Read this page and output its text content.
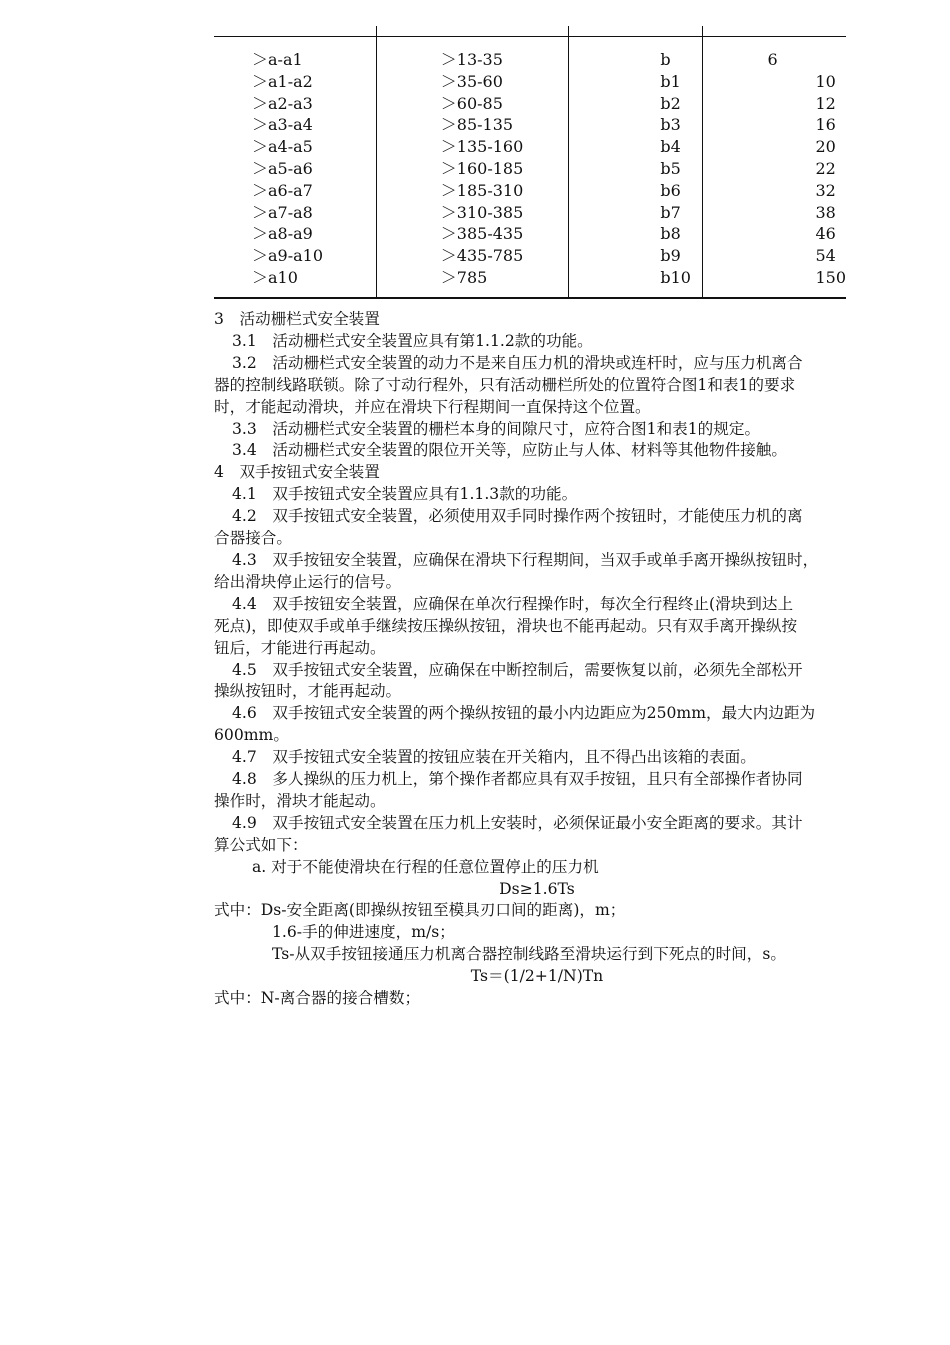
＞a-a1	＞13-35	b	6
＞a1-a2	＞35-60	b1	10
＞a2-a3	＞60-85	b2	12
＞a3-a4	＞85-135	b3	16
＞a4-a5	＞135-160	b4	20
＞a5-a6	＞160-185	b5	22
＞a6-a7	＞185-310	b6	32
＞a7-a8	＞310-385	b7	38
＞a8-a9	＞385-435	b8	46
＞a9-a10	＞435-785	b9	54
＞a10	＞785	b10	150

3　活动栅栏式安全装置

3.1　活动栅栏式安全装置应具有第1.1.2款的功能。

3.2　活动栅栏式安全装置的动力不是来自压力机的滑块或连杆时，应与压力机离合

器的控制线路联锁。除了寸动行程外，只有活动栅栏所处的位置符合图1和表1的要求

时，才能起动滑块，并应在滑块下行程期间一直保持这个位置。

3.3　活动栅栏式安全装置的栅栏本身的间隙尺寸，应符合图1和表1的规定。

3.4　活动栅栏式安全装置的限位开关等，应防止与人体、材料等其他物件接触。

4　双手按钮式安全装置

4.1　双手按钮式安全装置应具有1.1.3款的功能。

4.2　双手按钮式安全装置，必须使用双手同时操作两个按钮时，才能使压力机的离

合器接合。

4.3　双手按钮安全装置，应确保在滑块下行程期间，当双手或单手离开操纵按钮时，

给出滑块停止运行的信号。

4.4　双手按钮安全装置，应确保在单次行程操作时，每次全行程终止(滑块到达上

死点)，即使双手或单手继续按压操纵按钮，滑块也不能再起动。只有双手离开操纵按

钮后，才能进行再起动。

4.5　双手按钮式安全装置，应确保在中断控制后，需要恢复以前，必须先全部松开

操纵按钮时，才能再起动。

4.6　双手按钮式安全装置的两个操纵按钮的最小内边距应为250mm，最大内边距为

600mm。

4.7　双手按钮式安全装置的按钮应装在开关箱内，且不得凸出该箱的表面。

4.8　多人操纵的压力机上，第个操作者都应具有双手按钮，且只有全部操作者协同

操作时，滑块才能起动。

4.9　双手按钮式安全装置在压力机上安装时，必须保证最小安全距离的要求。其计

算公式如下：

a. 对于不能使滑块在行程的任意位置停止的压力机

Ds≥1.6Ts

式中：Ds-安全距离(即操纵按钮至模具刃口间的距离)，m；

1.6-手的伸进速度，m/s；

Ts-从双手按钮接通压力机离合器控制线路至滑块运行到下死点的时间，s。

Ts＝(1/2+1/N)Tn

式中：N-离合器的接合槽数；
